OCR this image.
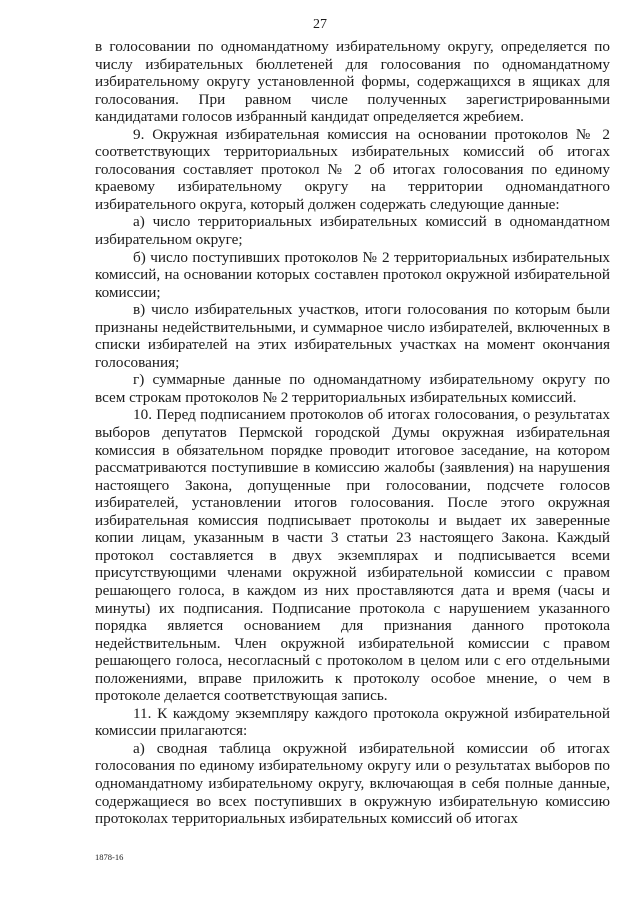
27

в голосовании по одномандатному избирательному округу, определяется по числу избирательных бюллетеней для голосования по одномандатному избирательному округу установленной формы, содержащихся в ящиках для голосования. При равном числе полученных зарегистрированными кандидатами голосов избранный кандидат определяется жребием.

9. Окружная избирательная комиссия на основании протоколов № 2 соответствующих территориальных избирательных комиссий об итогах голосования составляет протокол № 2 об итогах голосования по единому краевому избирательному округу на территории одномандатного избирательного округа, который должен содержать следующие данные:

а) число территориальных избирательных комиссий в одномандатном избирательном округе;

б) число поступивших протоколов № 2 территориальных избирательных комиссий, на основании которых составлен протокол окружной избирательной комиссии;

в) число избирательных участков, итоги голосования по которым были признаны недействительными, и суммарное число избирателей, включенных в списки избирателей на этих избирательных участках на момент окончания голосования;

г) суммарные данные по одномандатному избирательному округу по всем строкам протоколов № 2 территориальных избирательных комиссий.

10. Перед подписанием протоколов об итогах голосования, о результатах выборов депутатов Пермской городской Думы окружная избирательная комиссия в обязательном порядке проводит итоговое заседание, на котором рассматриваются поступившие в комиссию жалобы (заявления) на нарушения настоящего Закона, допущенные при голосовании, подсчете голосов избирателей, установлении итогов голосования. После этого окружная избирательная комиссия подписывает протоколы и выдает их заверенные копии лицам, указанным в части 3 статьи 23 настоящего Закона. Каждый протокол составляется в двух экземплярах и подписывается всеми присутствующими членами окружной избирательной комиссии с правом решающего голоса, в каждом из них проставляются дата и время (часы и минуты) их подписания. Подписание протокола с нарушением указанного порядка является основанием для признания данного протокола недействительным. Член окружной избирательной комиссии с правом решающего голоса, несогласный с протоколом в целом или с его отдельными положениями, вправе приложить к протоколу особое мнение, о чем в протоколе делается соответствующая запись.

11. К каждому экземпляру каждого протокола окружной избирательной комиссии прилагаются:

а) сводная таблица окружной избирательной комиссии об итогах голосования по единому избирательному округу или о результатах выборов по одномандатному избирательному округу, включающая в себя полные данные, содержащиеся во всех поступивших в окружную избирательную комиссию протоколах территориальных избирательных комиссий об итогах

1878-16
